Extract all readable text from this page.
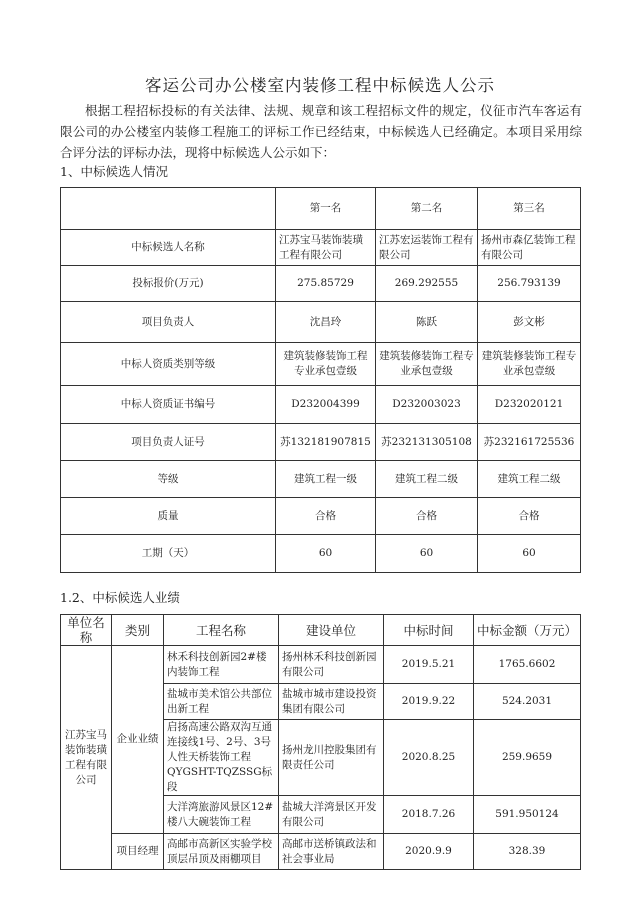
客运公司办公楼室内装修工程中标候选人公示
根据工程招标投标的有关法律、法规、规章和该工程招标文件的规定，仪征市汽车客运有限公司的办公楼室内装修工程施工的评标工作已经结束，中标候选人已经确定。本项目采用综合评分法的评标办法，现将中标候选人公示如下：
1、中标候选人情况
	第一名	第二名	第三名
中标候选人名称	江苏宝马装饰装璜工程有限公司	江苏宏运装饰工程有限公司	扬州市森亿装饰工程有限公司
投标报价(万元)	275.85729	269.292555	256.793139
项目负责人	沈昌玲	陈跃	彭文彬
中标人资质类别等级	建筑装修装饰工程专业承包壹级	建筑装修装饰工程专业承包壹级	建筑装修装饰工程专业承包壹级
中标人资质证书编号	D232004399	D232003023	D232020121
项目负责人证号	苏132181907815	苏232131305108	苏232161725536
等级	建筑工程一级	建筑工程二级	建筑工程二级
质量	合格	合格	合格
工期（天）	60	60	60
1.2、中标候选人业绩
单位名称	类别	工程名称	建设单位	中标时间	中标金额（万元）
江苏宝马装饰装璜工程有限公司	企业业绩	林禾科技创新园2#楼内装饰工程	扬州林禾科技创新园有限公司	2019.5.21	1765.6602
		盐城市美术馆公共部位出新工程	盐城市城市建设投资集团有限公司	2019.9.22	524.2031
		启扬高速公路双沟互通连接线1号、2号、3号人性天桥装饰工程QYGSHT-TQZSSG标段	扬州龙川控股集团有限责任公司	2020.8.25	259.9659
		大洋湾旅游风景区12#楼八大碗装饰工程	盐城大洋湾景区开发有限公司	2018.7.26	591.950124
	项目经理	高邮市高新区实验学校顶层吊顶及雨棚项目	高邮市送桥镇政法和社会事业局	2020.9.9	328.39
